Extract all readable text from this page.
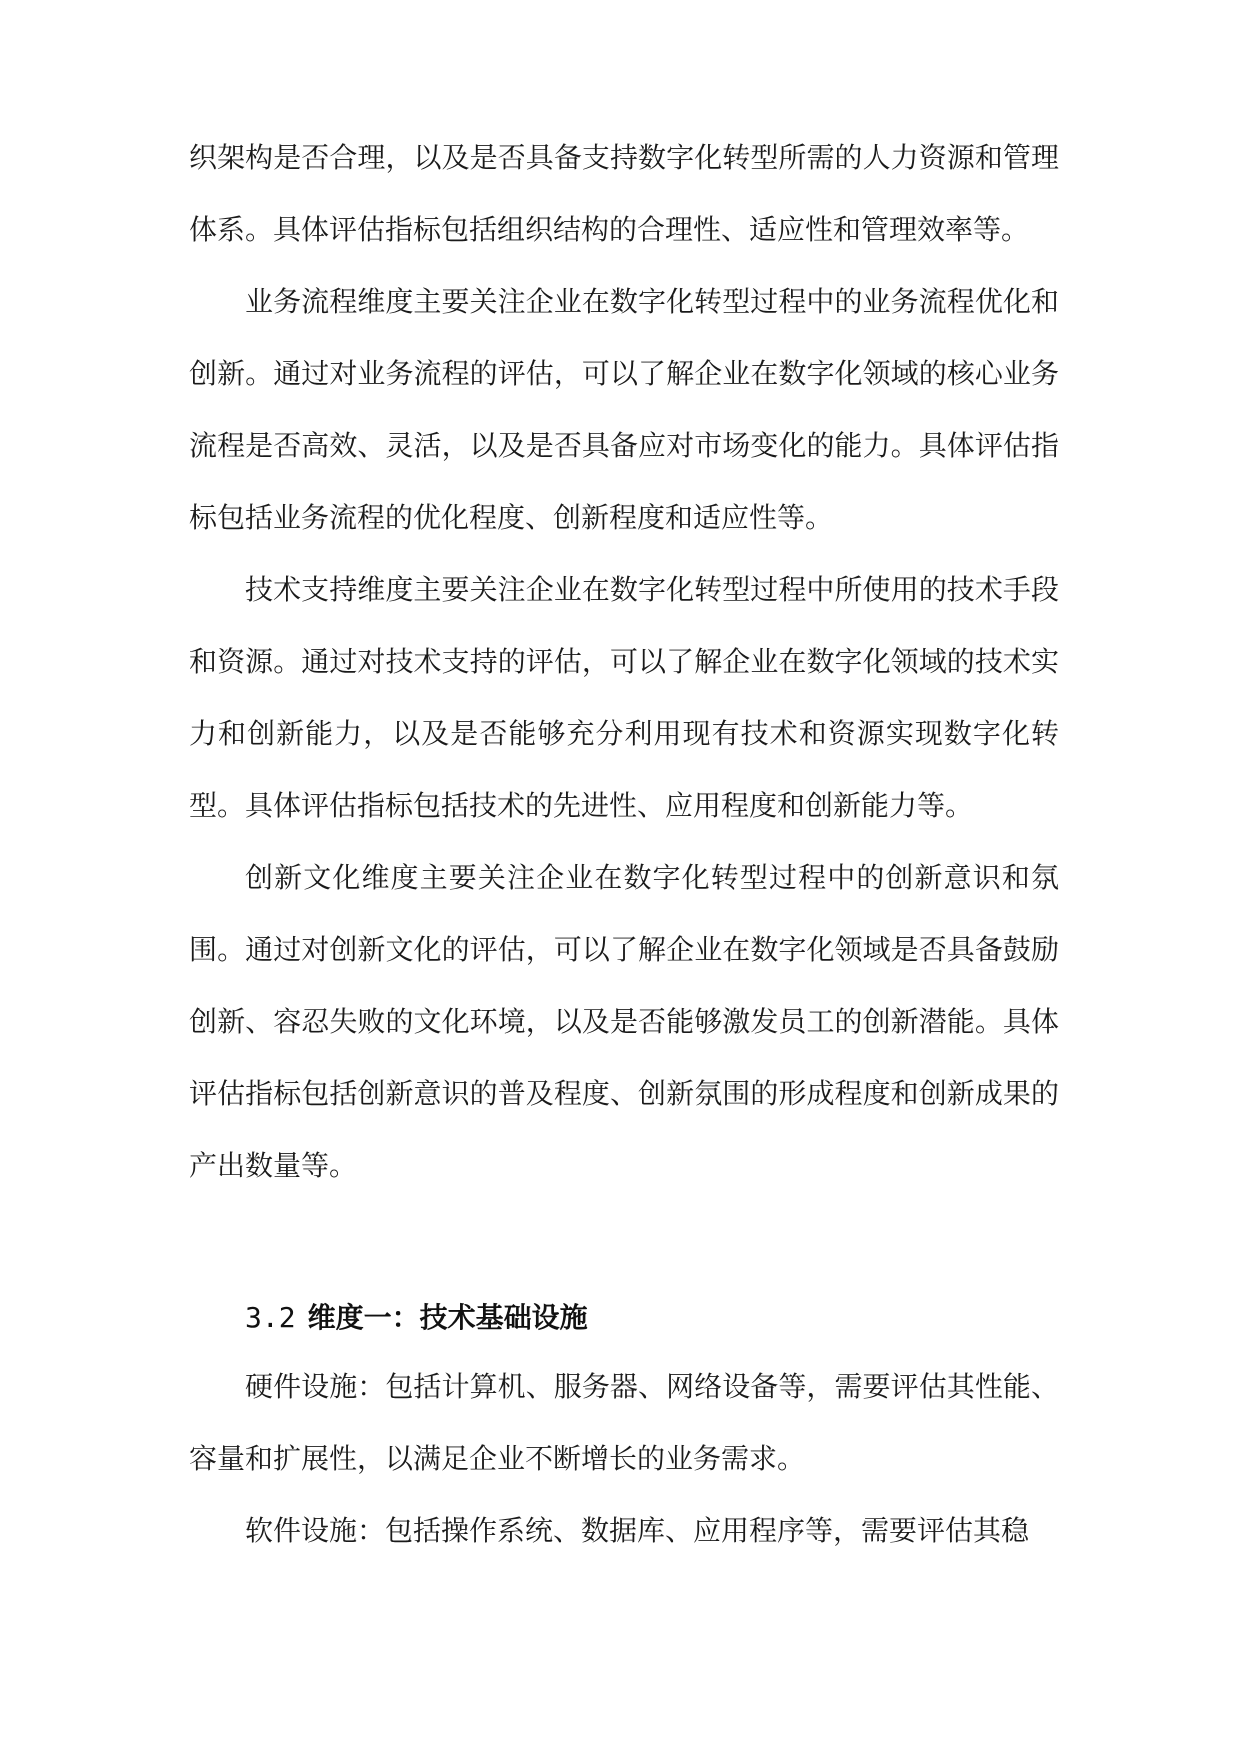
织架构是否合理，以及是否具备支持数字化转型所需的人力资源和管理体系。具体评估指标包括组织结构的合理性、适应性和管理效率等。

业务流程维度主要关注企业在数字化转型过程中的业务流程优化和创新。通过对业务流程的评估，可以了解企业在数字化领域的核心业务流程是否高效、灵活，以及是否具备应对市场变化的能力。具体评估指标包括业务流程的优化程度、创新程度和适应性等。

技术支持维度主要关注企业在数字化转型过程中所使用的技术手段和资源。通过对技术支持的评估，可以了解企业在数字化领域的技术实力和创新能力，以及是否能够充分利用现有技术和资源实现数字化转型。具体评估指标包括技术的先进性、应用程度和创新能力等。

创新文化维度主要关注企业在数字化转型过程中的创新意识和氛围。通过对创新文化的评估，可以了解企业在数字化领域是否具备鼓励创新、容忍失败的文化环境，以及是否能够激发员工的创新潜能。具体评估指标包括创新意识的普及程度、创新氛围的形成程度和创新成果的产出数量等。

3.2 维度一：技术基础设施

硬件设施：包括计算机、服务器、网络设备等，需要评估其性能、容量和扩展性，以满足企业不断增长的业务需求。

软件设施：包括操作系统、数据库、应用程序等，需要评估其稳
